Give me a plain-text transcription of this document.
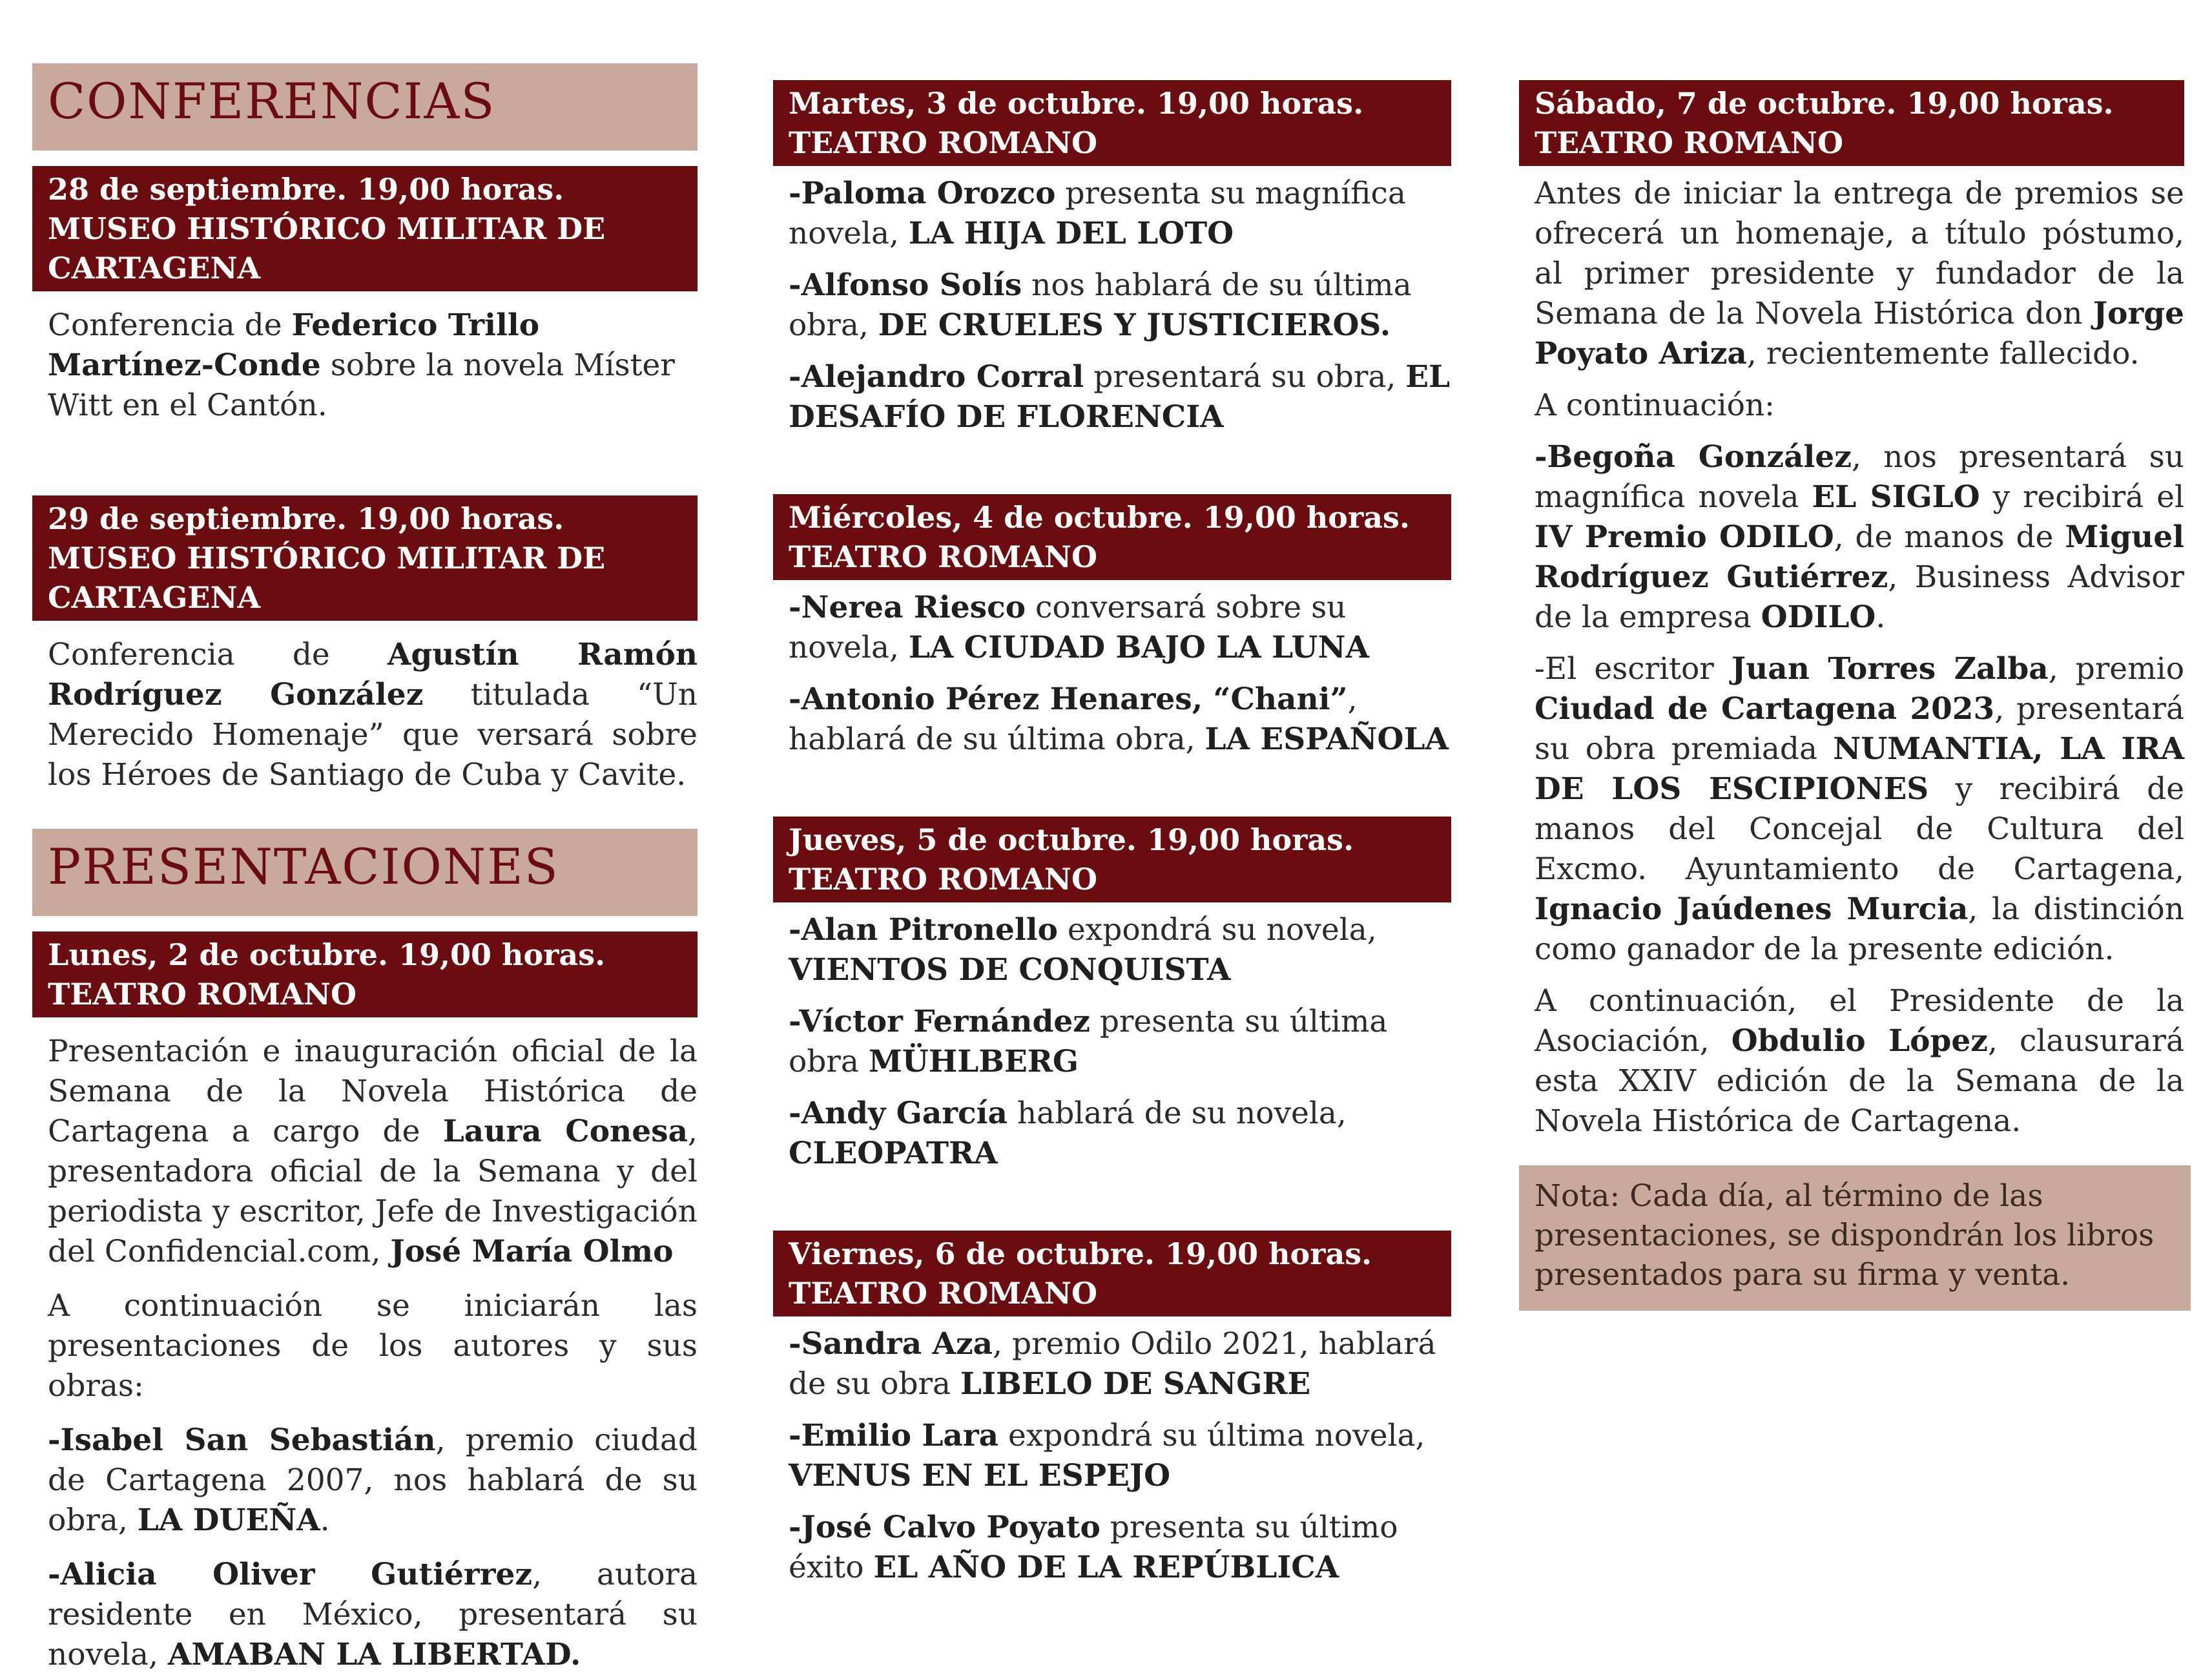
CONFERENCIAS
28 de septiembre. 19,00 horas. MUSEO HISTÓRICO MILITAR DE CARTAGENA

Conferencia de Federico Trillo Martínez-Conde sobre la novela Míster Witt en el Cantón.

29 de septiembre. 19,00 horas. MUSEO HISTÓRICO MILITAR DE CARTAGENA

Conferencia de Agustín Ramón Rodríguez González titulada “Un Merecido Homenaje” que versará sobre los Héroes de Santiago de Cuba y Cavite.

PRESENTACIONES
Lunes, 2 de octubre. 19,00 horas.
TEATRO ROMANO

Presentación e inauguración oficial de la Semana de la Novela Histórica de Cartagena a cargo de Laura Conesa, presentadora oficial de la Semana y del periodista y escritor, Jefe de Investigación del Confidencial.com, José María Olmo

A continuación se iniciarán las presentaciones de los autores y sus obras:

-Isabel San Sebastián, premio ciudad de Cartagena 2007, nos hablará de su obra, LA DUEÑA.

-Alicia Oliver Gutiérrez, autora residente en México, presentará su novela, AMABAN LA LIBERTAD.

Martes, 3 de octubre. 19,00 horas.
TEATRO ROMANO

-Paloma Orozco presenta su magnífica novela, LA HIJA DEL LOTO

-Alfonso Solís nos hablará de su última obra, DE CRUELES Y JUSTICIEROS.

-Alejandro Corral presentará su obra, EL DESAFÍO DE FLORENCIA

Miércoles, 4 de octubre. 19,00 horas.
TEATRO ROMANO

-Nerea Riesco conversará sobre su novela, LA CIUDAD BAJO LA LUNA

-Antonio Pérez Henares, “Chani”, hablará de su última obra, LA ESPAÑOLA

Jueves, 5 de octubre. 19,00 horas.
TEATRO ROMANO

-Alan Pitronello expondrá su novela, VIENTOS DE CONQUISTA

-Víctor Fernández presenta su última obra MÜHLBERG

-Andy García hablará de su novela, CLEOPATRA

Viernes, 6 de octubre. 19,00 horas.
TEATRO ROMANO

-Sandra Aza, premio Odilo 2021, hablará de su obra LIBELO DE SANGRE

-Emilio Lara expondrá su última novela, VENUS EN EL ESPEJO

-José Calvo Poyato presenta su último éxito EL AÑO DE LA REPÚBLICA

Sábado, 7 de octubre. 19,00 horas.
TEATRO ROMANO

Antes de iniciar la entrega de premios se ofrecerá un homenaje, a título póstumo, al primer presidente y fundador de la Semana de la Novela Histórica don Jorge Poyato Ariza, recientemente fallecido.

A continuación:

-Begoña González, nos presentará su magnífica novela EL SIGLO y recibirá el IV Premio ODILO, de manos de Miguel Rodríguez Gutiérrez, Business Advisor de la empresa ODILO.

-El escritor Juan Torres Zalba, premio Ciudad de Cartagena 2023, presentará su obra premiada NUMANTIA, LA IRA DE LOS ESCIPIONES y recibirá de manos del Concejal de Cultura del Excmo. Ayuntamiento de Cartagena, Ignacio Jaúdenes Murcia, la distinción como ganador de la presente edición.

A continuación, el Presidente de la Asociación, Obdulio López, clausurará esta XXIV edición de la Semana de la Novela Histórica de Cartagena.

Nota: Cada día, al término de las presentaciones, se dispondrán los libros presentados para su firma y venta.
